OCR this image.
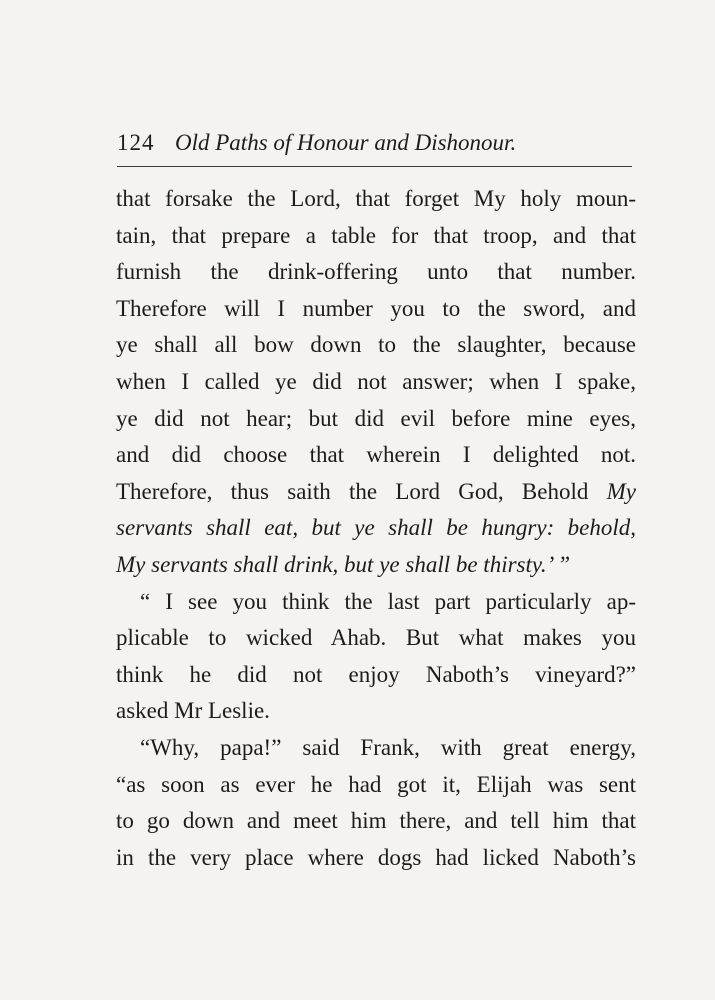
124 Old Paths of Honour and Dishonour.
that forsake the Lord, that forget My holy moun-
tain, that prepare a table for that troop, and that
furnish the drink-offering unto that number.
Therefore will I number you to the sword, and
ye shall all bow down to the slaughter, because
when I called ye did not answer; when I spake,
ye did not hear; but did evil before mine eyes,
and did choose that wherein I delighted not.
Therefore, thus saith the Lord God, Behold My
servants shall eat, but ye shall be hungry: behold,
My servants shall drink, but ye shall be thirsty.’ ”
“ I see you think the last part particularly ap-
plicable to wicked Ahab. But what makes you
think he did not enjoy Naboth’s vineyard?”
asked Mr Leslie.
“Why, papa!” said Frank, with great energy,
“as soon as ever he had got it, Elijah was sent
to go down and meet him there, and tell him that
in the very place where dogs had licked Naboth’s
